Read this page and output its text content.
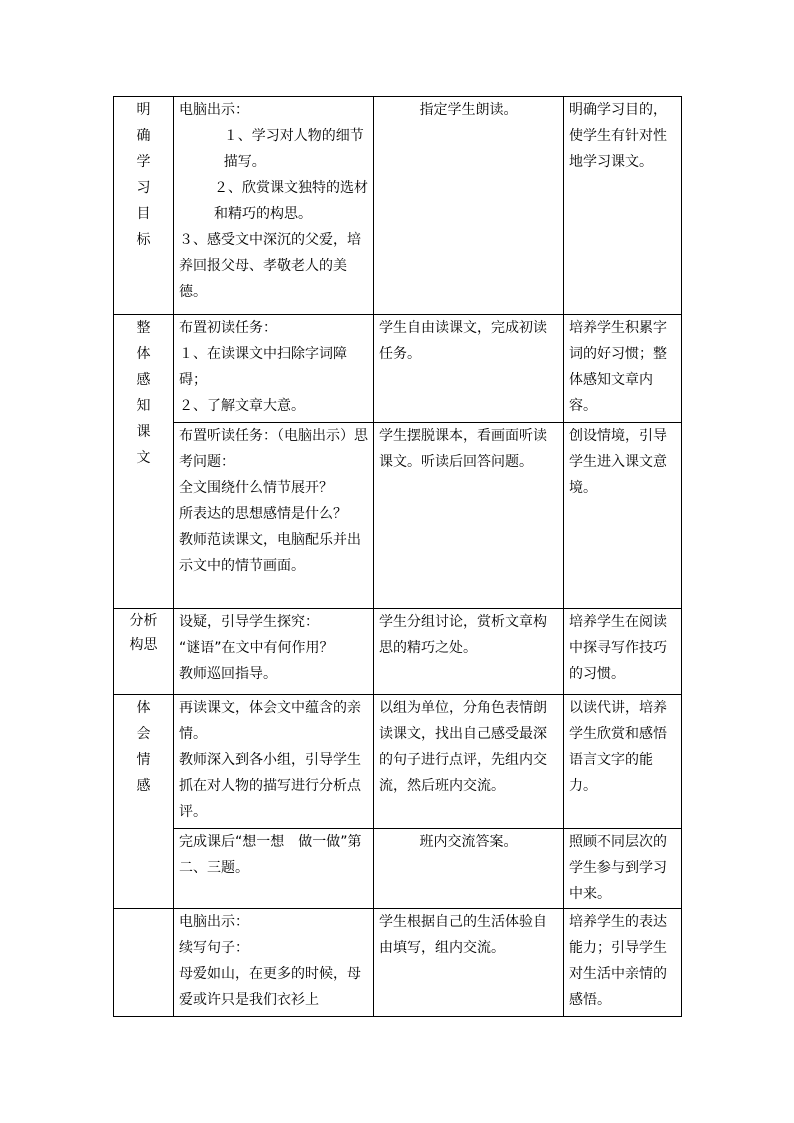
明确学习目标	电脑出示：
１、学习对人物的细节描写。
２、欣赏课文独特的选材和精巧的构思。
３、感受文中深沉的父爱，培养回报父母、孝敬老人的美德。	指定学生朗读。	明确学习目的，使学生有针对性地学习课文。
整体感知课文	布置初读任务：
１、在读课文中扫除字词障碍；
２、了解文章大意。	学生自由读课文，完成初读任务。	培养学生积累字词的好习惯；整体感知文章内容。

	布置听读任务：（电脑出示）思考问题：
全文围绕什么情节展开？
所表达的思想感情是什么？
教师范读课文，电脑配乐并出示文中的情节画面。	学生摆脱课本，看画面听读课文。听读后回答问题。	创设情境，引导学生进入课文意境。
分析构思	设疑，引导学生探究：
“谜语”在文中有何作用？
教师巡回指导。	学生分组讨论，赏析文章构思的精巧之处。	培养学生在阅读中探寻写作技巧的习惯。
体会情感	再读课文，体会文中蕴含的亲情。
教师深入到各小组，引导学生抓在对人物的描写进行分析点评。	以组为单位，分角色表情朗读课文，找出自己感受最深的句子进行点评，先组内交流，然后班内交流。	以读代讲，培养学生欣赏和感悟语言文字的能力。

	完成课后“想一想　做一做”第二、三题。	班内交流答案。	照顾不同层次的学生参与到学习中来。

	电脑出示：
续写句子：
母爱如山，在更多的时候，母爱或许只是我们衣衫上	学生根据自己的生活体验自由填写，组内交流。	培养学生的表达能力；引导学生对生活中亲情的感悟。
